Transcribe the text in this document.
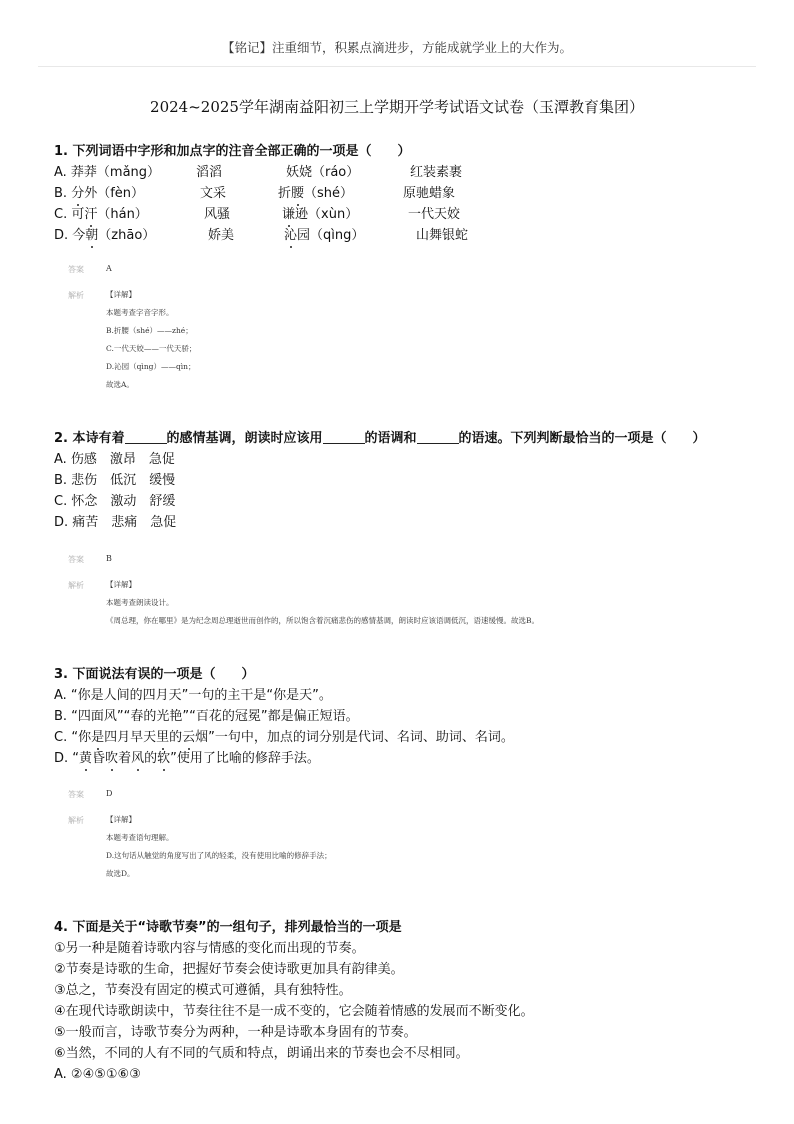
【铭记】注重细节，积累点滴进步，方能成就学业上的大作为。
2024~2025学年湖南益阳初三上学期开学考试语文试卷（玉潭教育集团）
1. 下列词语中字形和加点字的注音全部正确的一项是（　　）
A. 莽莽（mǎng）	滔滔	妖娆（ráo）	红装素裹
B. 分外（fèn）	文采	折腰（shé）	原驰蜡象
C. 可汗（hán）	风骚	谦逊（xùn）	一代天姣
D. 今朝（zhāo）	娇美	沁园（qìng）	山舞银蛇
答案	A
解析	【详解】
本题考查字音字形。
B.折腰（shé）——zhé；
C.一代天姣——一代天骄；
D.沁园（qìng）——qìn；
故选A。
2. 本诗有着	的感情基调，朗读时应该用	的语调和	的语速。下列判断最恰当的一项是（　　）
A. 伤感　激昂　急促
B. 悲伤　低沉　缓慢
C. 怀念　激动　舒缓
D. 痛苦　悲痛　急促
答案	B
解析	【详解】
本题考查朗读设计。
《周总理，你在哪里》是为纪念周总理逝世而创作的，所以饱含着沉痛悲伤的感情基调，朗读时应该语调低沉，语速缓慢。故选B。
3. 下面说法有误的一项是（　　）
A. “你是人间的四月天”一句的主干是“你是天”。
B. “四面风”“春的光艳”“百花的冠冕”都是偏正短语。
C. “你是四月早天里的云烟”一句中，加点的词分别是代词、名词、助词、名词。
D. “黄昏吹着风的软”使用了比喻的修辞手法。
答案	D
解析	【详解】
本题考查语句理解。
D.这句话从触觉的角度写出了风的轻柔，没有使用比喻的修辞手法；
故选D。
4. 下面是关于“诗歌节奏”的一组句子，排列最恰当的一项是
①另一种是随着诗歌内容与情感的变化而出现的节奏。
②节奏是诗歌的生命，把握好节奏会使诗歌更加具有韵律美。
③总之，节奏没有固定的模式可遵循，具有独特性。
④在现代诗歌朗读中，节奏往往不是一成不变的，它会随着情感的发展而不断变化。
⑤一般而言，诗歌节奏分为两种，一种是诗歌本身固有的节奏。
⑥当然，不同的人有不同的气质和特点，朗诵出来的节奏也会不尽相同。
A. ②④⑤①⑥③
